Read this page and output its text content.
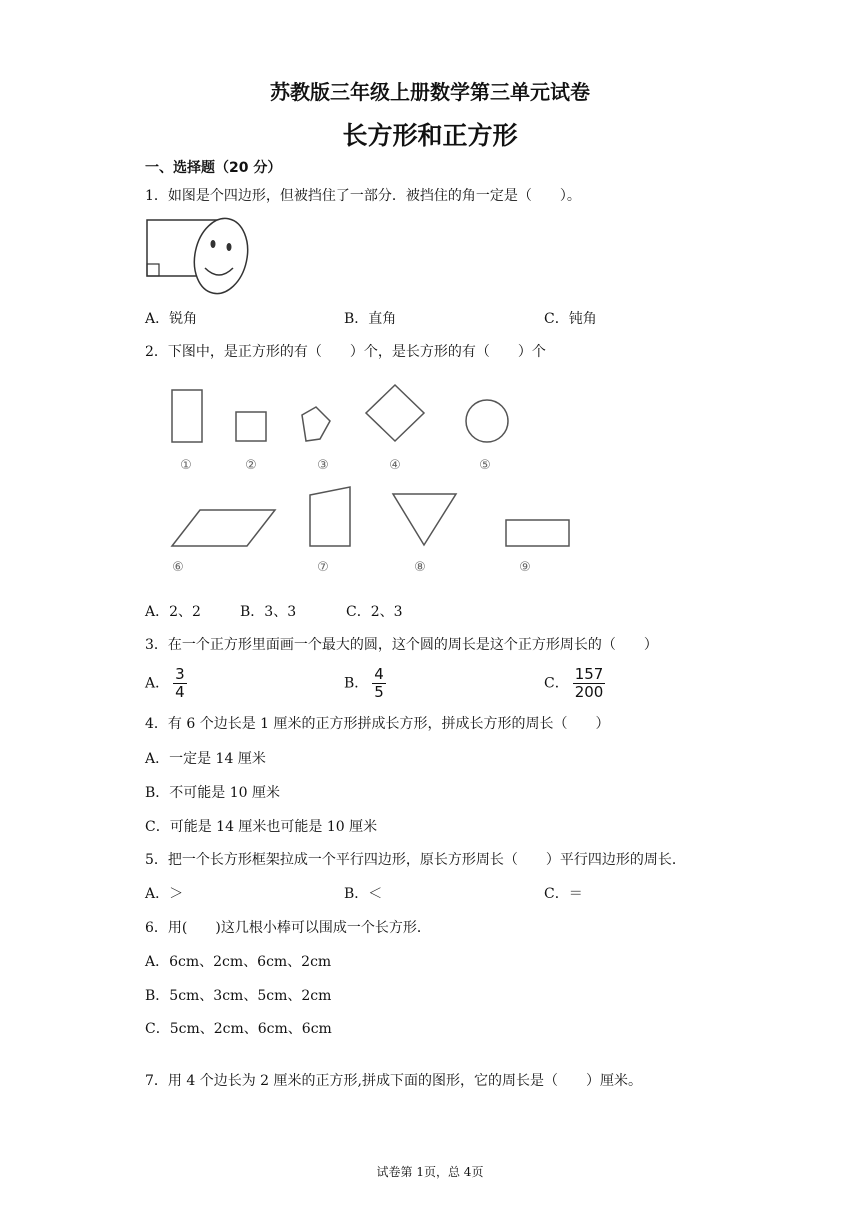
苏教版三年级上册数学第三单元试卷
长方形和正方形
一、选择题（20 分）
1．如图是个四边形，但被挡住了一部分．被挡住的角一定是（　　）。
A．锐角	B．直角	C．钝角
2．下图中，是正方形的有（　　）个，是长方形的有（　　）个
①	②	③	④	⑤
⑥	⑦	⑧	⑨
A．2、2	B．3、3	C．2、3
3．在一个正方形里面画一个最大的圆，这个圆的周长是这个正方形周长的（　　）
A． $\frac{3}{4}$	B． $\frac{4}{5}$	C． $\frac{157}{200}$
4．有 6 个边长是 1 厘米的正方形拼成长方形，拼成长方形的周长（　　）
A．一定是 14 厘米
B．不可能是 10 厘米
C．可能是 14 厘米也可能是 10 厘米
5．把一个长方形框架拉成一个平行四边形，原长方形周长（　　）平行四边形的周长．
A．＞	B．＜	C．＝
6．用(　　)这几根小棒可以围成一个长方形．
A．6cm、2cm、6cm、2cm
B．5cm、3cm、5cm、2cm
C．5cm、2cm、6cm、6cm
7．用 4 个边长为 2 厘米的正方形,拼成下面的图形，它的周长是（　　）厘米。
试卷第 1页，总 4页
